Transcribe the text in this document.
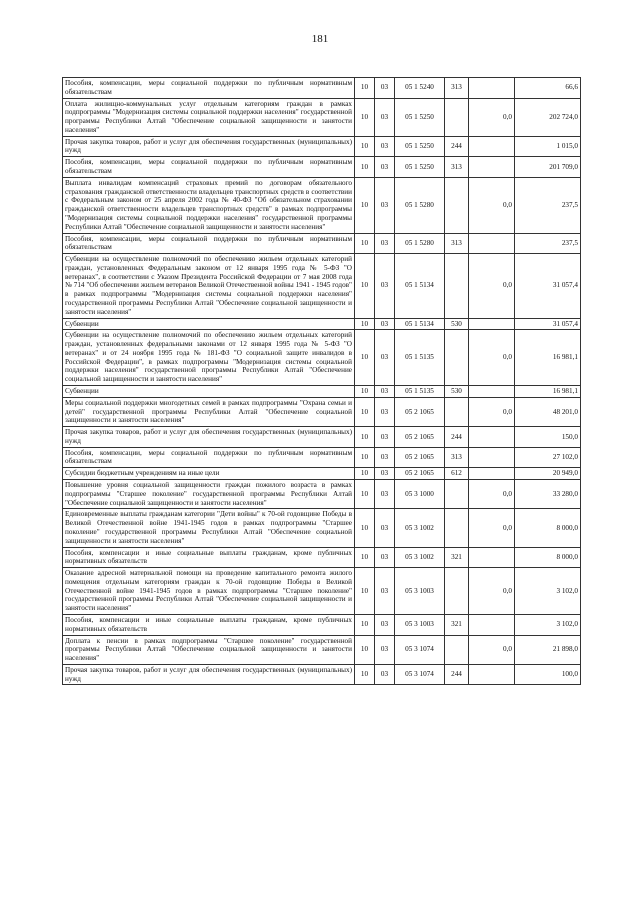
181
Пособия, компенсации, меры социальной поддержки по публичным нормативным обязательствам	10	03	05 1 5240	313		66,6
Оплата жилищно-коммунальных услуг отдельным категориям граждан в рамках подпрограммы "Модернизация системы социальной поддержки населения" государственной программы Республики Алтай "Обеспечение социальной защищенности и занятости населения"	10	03	05 1 5250		0,0	202 724,0
Прочая закупка товаров, работ и услуг для обеспечения государственных (муниципальных) нужд	10	03	05 1 5250	244		1 015,0
Пособия, компенсации, меры социальной поддержки по публичным нормативным обязательствам	10	03	05 1 5250	313		201 709,0
Выплата инвалидам компенсаций страховых премий по договорам обязательного страхования гражданской ответственности владельцев транспортных средств в соответствии с Федеральным законом от 25 апреля 2002 года № 40-ФЗ "Об обязательном страховании гражданской ответственности владельцев транспортных средств" в рамках подпрограммы "Модернизация системы социальной поддержки населения" государственной программы Республики Алтай "Обеспечение социальной защищенности и занятости населения"	10	03	05 1 5280		0,0	237,5
Пособия, компенсации, меры социальной поддержки по публичным нормативным обязательствам	10	03	05 1 5280	313		237,5
Субвенции на осуществление полномочий по обеспечению жильем отдельных категорий граждан, установленных Федеральным законом от 12 января 1995 года № 5-ФЗ "О ветеранах", в соответствии с Указом Президента Российской Федерации от 7 мая 2008 года № 714 "Об обеспечении жильем ветеранов Великой Отечественной войны 1941 - 1945 годов" в рамках подпрограммы "Модернизация системы социальной поддержки населения" государственной программы Республики Алтай "Обеспечение социальной защищенности и занятости населения"	10	03	05 1 5134		0,0	31 057,4
Субвенции	10	03	05 1 5134	530		31 057,4
Субвенции на осуществление полномочий по обеспечению жильем отдельных категорий граждан, установленных федеральными законами от 12 января 1995 года № 5-ФЗ "О ветеранах" и от 24 ноября 1995 года № 181-ФЗ "О социальной защите инвалидов в Российской Федерации", в рамках подпрограммы "Модернизация системы социальной поддержки населения" государственной программы Республики Алтай "Обеспечение социальной защищенности и занятости населения"	10	03	05 1 5135		0,0	16 981,1
Субвенции	10	03	05 1 5135	530		16 981,1
Меры социальной поддержки многодетных семей в рамках подпрограммы "Охрана семьи и детей" государственной программы Республики Алтай "Обеспечение социальной защищенности и занятости населения"	10	03	05 2 1065		0,0	48 201,0
Прочая закупка товаров, работ и услуг для обеспечения государственных (муниципальных) нужд	10	03	05 2 1065	244		150,0
Пособия, компенсации, меры социальной поддержки по публичным нормативным обязательствам	10	03	05 2 1065	313		27 102,0
Субсидии бюджетным учреждениям на иные цели	10	03	05 2 1065	612		20 949,0
Повышение уровня социальной защищенности граждан пожилого возраста в рамках подпрограммы "Старшее поколение" государственной программы Республики Алтай "Обеспечение социальной защищенности и занятости населения"	10	03	05 3 1000		0,0	33 280,0
Единовременные выплаты гражданам категории "Дети войны" к 70-ой годовщине Победы в Великой Отечественной войне 1941-1945 годов в рамках подпрограммы "Старшее поколение" государственной программы Республики Алтай "Обеспечение социальной защищенности и занятости населения"	10	03	05 3 1002		0,0	8 000,0
Пособия, компенсации и иные социальные выплаты гражданам, кроме публичных нормативных обязательств	10	03	05 3 1002	321		8 000,0
Оказание адресной материальной помощи на проведение капитального ремонта жилого помещения отдельным категориям граждан к 70-ой годовщине Победы в Великой Отечественной войне 1941-1945 годов в рамках подпрограммы "Старшее поколение" государственной программы Республики Алтай "Обеспечение социальной защищенности и занятости населения"	10	03	05 3 1003		0,0	3 102,0
Пособия, компенсации и иные социальные выплаты гражданам, кроме публичных нормативных обязательств	10	03	05 3 1003	321		3 102,0
Доплата к пенсии в рамках подпрограммы "Старшее поколение" государственной программы Республики Алтай "Обеспечение социальной защищенности и занятости населения"	10	03	05 3 1074		0,0	21 898,0
Прочая закупка товаров, работ и услуг для обеспечения государственных (муниципальных) нужд	10	03	05 3 1074	244		100,0
